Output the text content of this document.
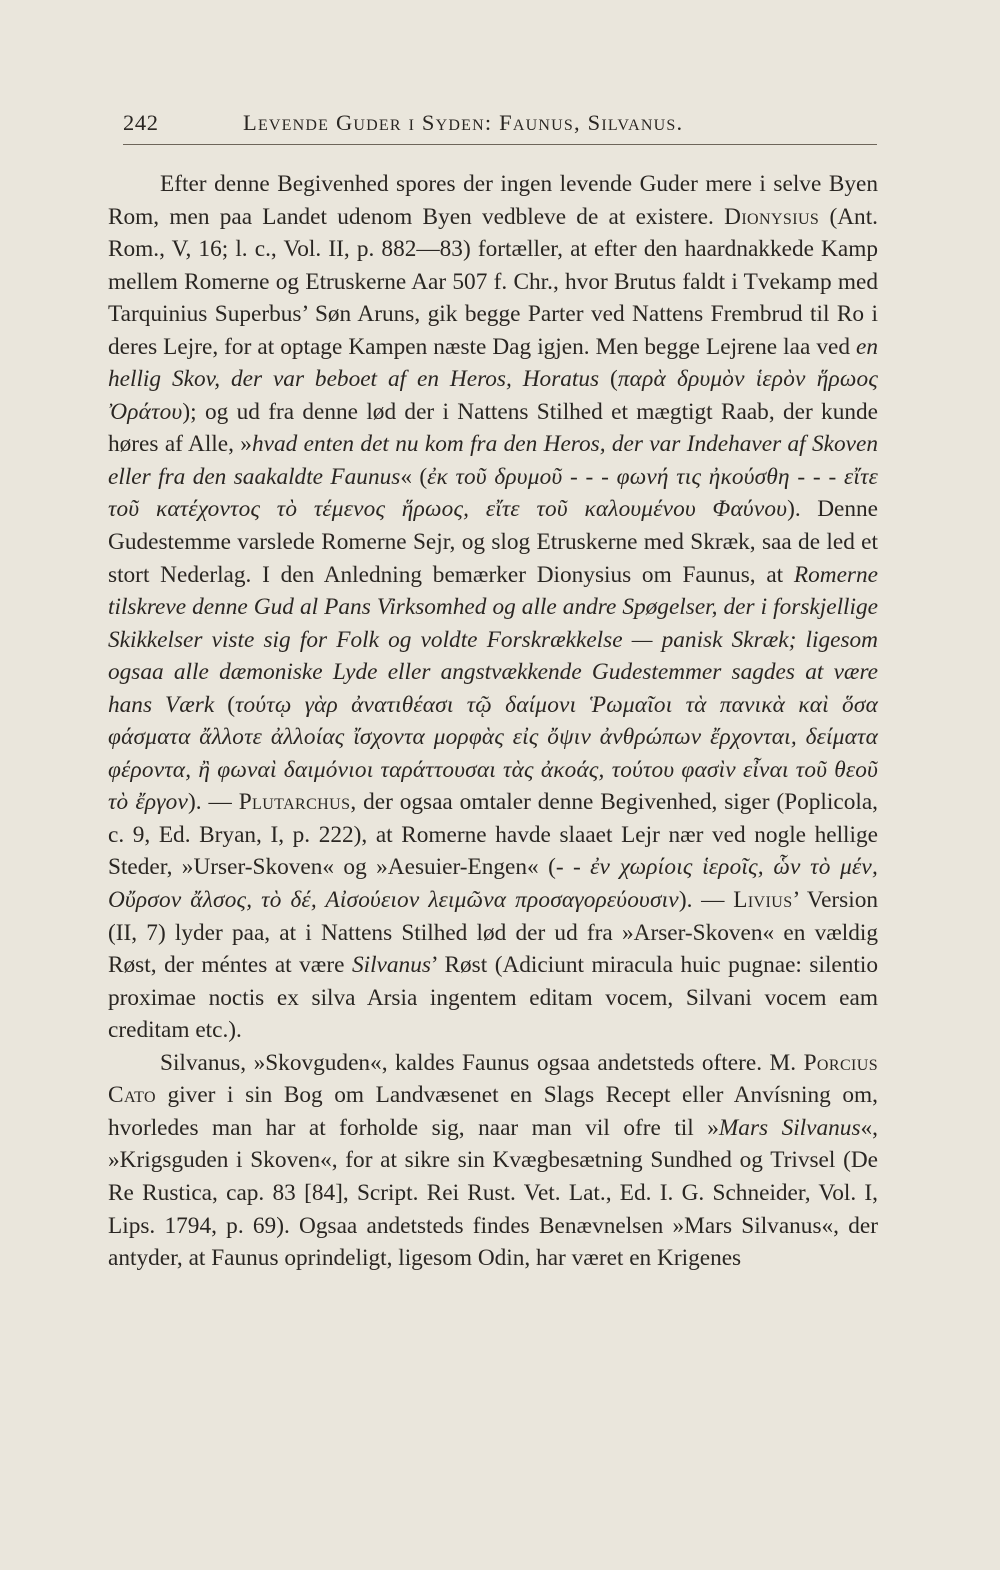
242	Levende Guder i Syden: Faunus, Silvanus.

Efter denne Begivenhed spores der ingen levende Guder mere i selve Byen Rom, men paa Landet udenom Byen vedbleve de at existere. Dionysius (Ant. Rom., V, 16; l. c., Vol. II, p. 882—83) fortæller, at efter den haardnakkede Kamp mellem Romerne og Etruskerne Aar 507 f. Chr., hvor Brutus faldt i Tvekamp med Tarquinius Superbus’ Søn Aruns, gik begge Parter ved Nattens Frembrud til Ro i deres Lejre, for at optage Kampen næste Dag igjen. Men begge Lejrene laa ved en hellig Skov, der var beboet af en Heros, Horatus (παρὰ δρυμὸν ἱερὸν ἥρωος Ὀράτου); og ud fra denne lød der i Nattens Stilhed et mægtigt Raab, der kunde høres af Alle, »hvad enten det nu kom fra den Heros, der var Indehaver af Skoven eller fra den saakaldte Faunus« (ἐκ τοῦ δρυμοῦ - - - φωνή τις ἠκούσθη - - - εἴτε τοῦ κατέχοντος τὸ τέμενος ἥρωος, εἴτε τοῦ καλουμένου Φαύνου). Denne Gudestemme varslede Romerne Sejr, og slog Etruskerne med Skræk, saa de led et stort Nederlag. I den Anledning bemærker Dionysius om Faunus, at Romerne tilskreve denne Gud al Pans Virksomhed og alle andre Spøgelser, der i forskjellige Skikkelser viste sig for Folk og voldte Forskrækkelse — panisk Skræk; ligesom ogsaa alle dæmoniske Lyde eller angstvækkende Gudestemmer sagdes at være hans Værk (τούτῳ γὰρ ἀνατιθέασι τῷ δαίμονι Ῥωμαῖοι τὰ πανικὰ καὶ ὅσα φάσματα ἄλλοτε ἀλλοίας ἴσχοντα μορφὰς εἰς ὄψιν ἀνθρώπων ἔρχονται, δείματα φέροντα, ἢ φωναὶ δαιμόνιοι ταράττουσαι τὰς ἀκοάς, τούτου φασὶν εἶναι τοῦ θεοῦ τὸ ἔργον). — Plutarchus, der ogsaa omtaler denne Begivenhed, siger (Poplicola, c. 9, Ed. Bryan, I, p. 222), at Romerne havde slaaet Lejr nær ved nogle hellige Steder, »Urser-Skoven« og »Aesuier-Engen« (- - ἐν χωρίοις ἱεροῖς, ὧν τὸ μέν, Οὔρσον ἄλσος, τὸ δέ, Αἰσούειον λειμῶνα προσαγορεύουσιν). — Livius’ Version (II, 7) lyder paa, at i Nattens Stilhed lød der ud fra »Arser-Skoven« en vældig Røst, der méntes at være Silvanus’ Røst (Adiciunt miracula huic pugnae: silentio proximae noctis ex silva Arsia ingentem editam vocem, Silvani vocem eam creditam etc.).

Silvanus, »Skovguden«, kaldes Faunus ogsaa andetsteds oftere. M. Porcius Cato giver i sin Bog om Landvæsenet en Slags Recept eller Anvísning om, hvorledes man har at forholde sig, naar man vil ofre til »Mars Silvanus«, »Krigsguden i Skoven«, for at sikre sin Kvægbesætning Sundhed og Trivsel (De Re Rustica, cap. 83 [84], Script. Rei Rust. Vet. Lat., Ed. I. G. Schneider, Vol. I, Lips. 1794, p. 69). Ogsaa andetsteds findes Benævnelsen »Mars Silvanus«, der antyder, at Faunus oprindeligt, ligesom Odin, har været en Krigenes
